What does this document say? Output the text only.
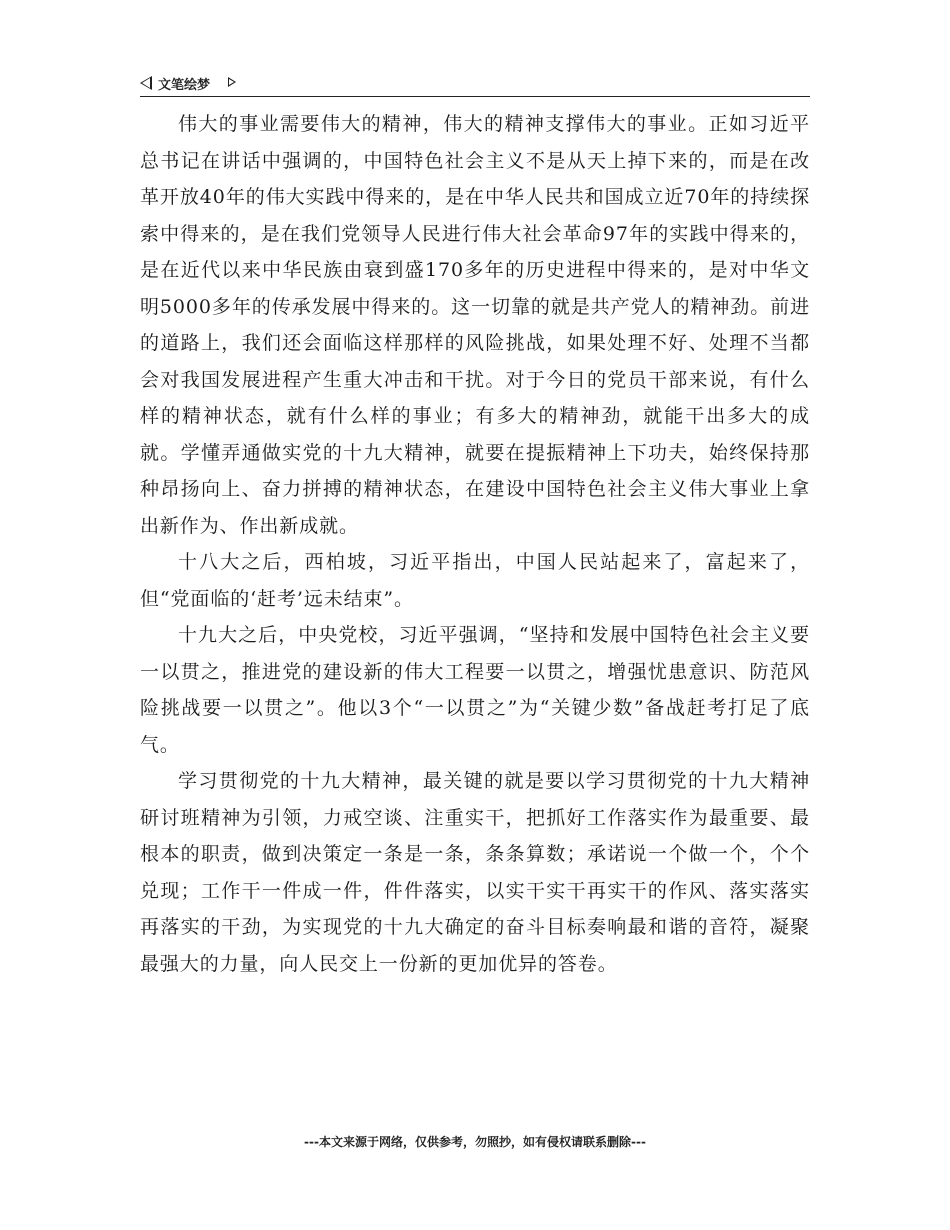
文笔绘梦

伟大的事业需要伟大的精神，伟大的精神支撑伟大的事业。正如习近平总书记在讲话中强调的，中国特色社会主义不是从天上掉下来的，而是在改革开放40年的伟大实践中得来的，是在中华人民共和国成立近70年的持续探索中得来的，是在我们党领导人民进行伟大社会革命97年的实践中得来的，是在近代以来中华民族由衰到盛170多年的历史进程中得来的，是对中华文明5000多年的传承发展中得来的。这一切靠的就是共产党人的精神劲。前进的道路上，我们还会面临这样那样的风险挑战，如果处理不好、处理不当都会对我国发展进程产生重大冲击和干扰。对于今日的党员干部来说，有什么样的精神状态，就有什么样的事业；有多大的精神劲，就能干出多大的成就。学懂弄通做实党的十九大精神，就要在提振精神上下功夫，始终保持那种昂扬向上、奋力拼搏的精神状态，在建设中国特色社会主义伟大事业上拿出新作为、作出新成就。

十八大之后，西柏坡，习近平指出，中国人民站起来了，富起来了，但“党面临的‘赶考’远未结束”。

十九大之后，中央党校，习近平强调，“坚持和发展中国特色社会主义要一以贯之，推进党的建设新的伟大工程要一以贯之，增强忧患意识、防范风险挑战要一以贯之”。他以3个“一以贯之”为“关键少数”备战赶考打足了底气。

学习贯彻党的十九大精神，最关键的就是要以学习贯彻党的十九大精神研讨班精神为引领，力戒空谈、注重实干，把抓好工作落实作为最重要、最根本的职责，做到决策定一条是一条，条条算数；承诺说一个做一个，个个兑现；工作干一件成一件，件件落实，以实干实干再实干的作风、落实落实再落实的干劲，为实现党的十九大确定的奋斗目标奏响最和谐的音符，凝聚最强大的力量，向人民交上一份新的更加优异的答卷。

---本文来源于网络，仅供参考，勿照抄，如有侵权请联系删除---
